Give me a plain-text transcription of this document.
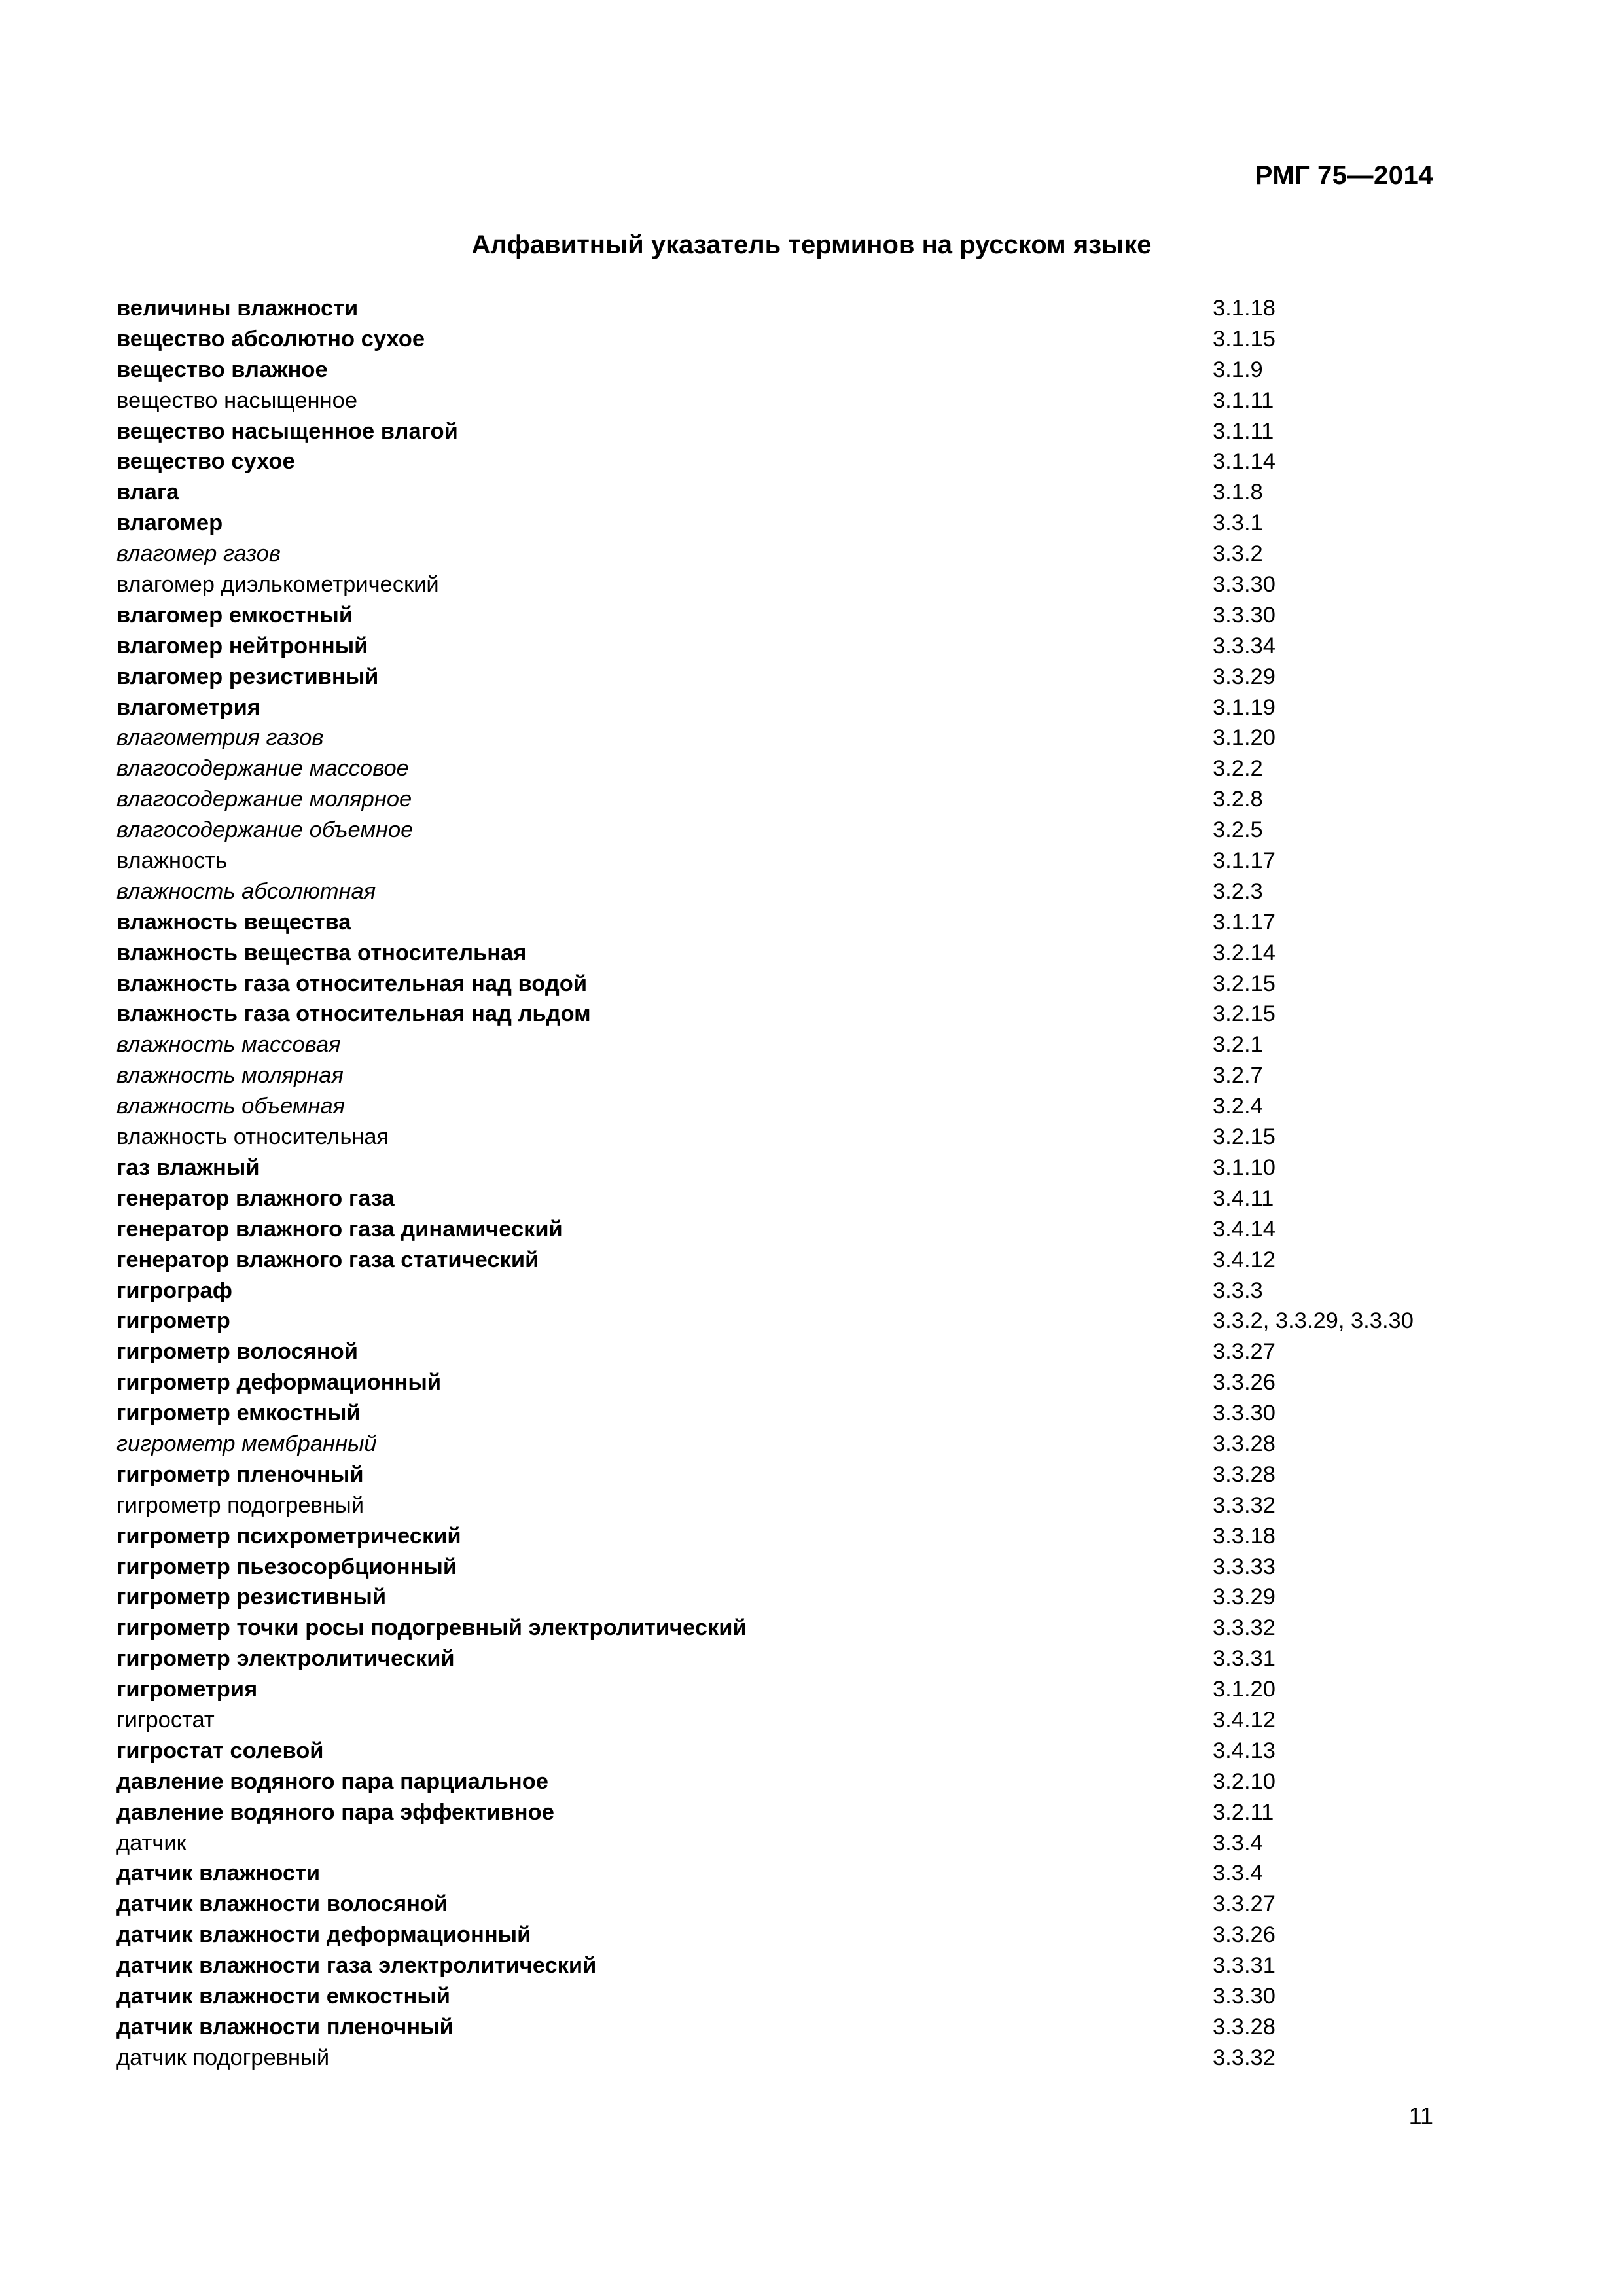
РМГ 75—2014
Алфавитный указатель терминов на русском языке
величины влажности	3.1.18
вещество абсолютно сухое	3.1.15
вещество влажное	3.1.9
вещество насыщенное	3.1.11
вещество насыщенное влагой	3.1.11
вещество сухое	3.1.14
влага	3.1.8
влагомер	3.3.1
влагомер газов	3.3.2
влагомер диэлькометрический	3.3.30
влагомер емкостный	3.3.30
влагомер нейтронный	3.3.34
влагомер резистивный	3.3.29
влагометрия	3.1.19
влагометрия газов	3.1.20
влагосодержание массовое	3.2.2
влагосодержание молярное	3.2.8
влагосодержание объемное	3.2.5
влажность	3.1.17
влажность абсолютная	3.2.3
влажность вещества	3.1.17
влажность вещества относительная	3.2.14
влажность газа относительная над водой	3.2.15
влажность газа относительная над льдом	3.2.15
влажность массовая	3.2.1
влажность молярная	3.2.7
влажность объемная	3.2.4
влажность относительная	3.2.15
газ влажный	3.1.10
генератор влажного газа	3.4.11
генератор влажного газа динамический	3.4.14
генератор влажного газа статический	3.4.12
гигрограф	3.3.3
гигрометр	3.3.2, 3.3.29, 3.3.30
гигрометр волосяной	3.3.27
гигрометр деформационный	3.3.26
гигрометр емкостный	3.3.30
гигрометр мембранный	3.3.28
гигрометр пленочный	3.3.28
гигрометр подогревный	3.3.32
гигрометр психрометрический	3.3.18
гигрометр пьезосорбционный	3.3.33
гигрометр резистивный	3.3.29
гигрометр точки росы подогревный электролитический	3.3.32
гигрометр электролитический	3.3.31
гигрометрия	3.1.20
гигростат	3.4.12
гигростат солевой	3.4.13
давление водяного пара парциальное	3.2.10
давление водяного пара эффективное	3.2.11
датчик	3.3.4
датчик влажности	3.3.4
датчик влажности волосяной	3.3.27
датчик влажности деформационный	3.3.26
датчик влажности газа электролитический	3.3.31
датчик влажности емкостный	3.3.30
датчик влажности пленочный	3.3.28
датчик подогревный	3.3.32
11
